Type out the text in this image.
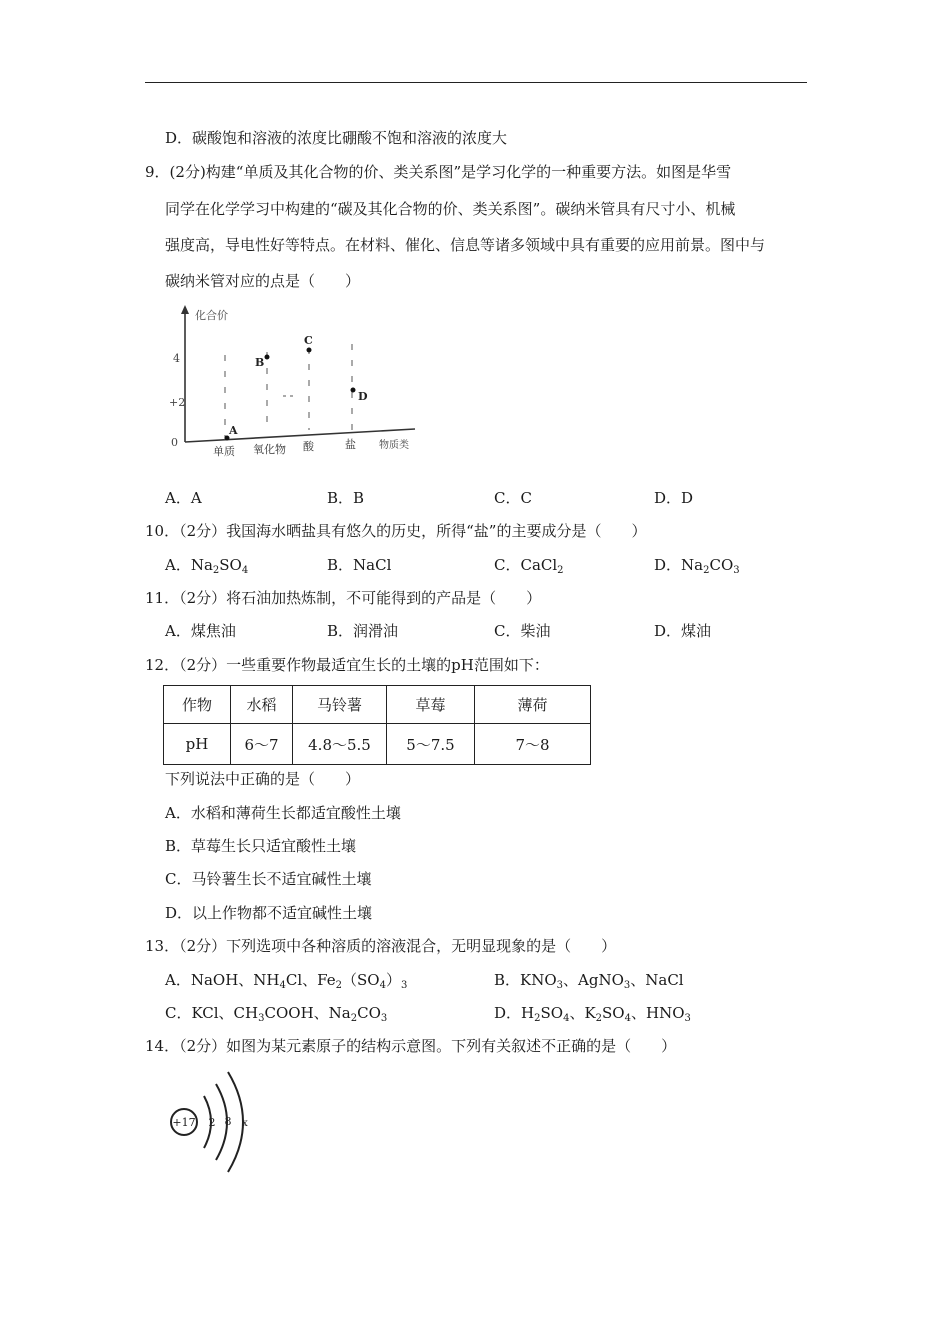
D．碳酸饱和溶液的浓度比硼酸不饱和溶液的浓度大
9．(2分)构建“单质及其化合物的价、类关系图”是学习化学的一种重要方法。如图是华雪
同学在化学学习中构建的“碳及其化合物的价、类关系图”。碳纳米管具有尺寸小、机械
强度高，导电性好等特点。在材料、催化、信息等诸多领域中具有重要的应用前景。图中与
碳纳米管对应的点是（　　）
化合价
4
+2
0
A
B
C
D
单质 氧化物 酸	盐 物质类
A．A	B．B	C．C	D．D
10．（2分）我国海水晒盐具有悠久的历史，所得“盐”的主要成分是（　　）
A．$Na_2SO_4$	B．NaCl	C．CaCl$_2$	D．$Na_2CO_3$
11．（2分）将石油加热炼制，不可能得到的产品是（　　）
A．煤焦油	B．润滑油	C．柴油	D．煤油
12．（2分）一些重要作物最适宜生长的土壤的pH范围如下：
作物	水稻	马铃薯	草莓	薄荷
pH	6～7	4.8～5.5	5～7.5	7～8
下列说法中正确的是（　　）
A．水稻和薄荷生长都适宜酸性土壤
B．草莓生长只适宜酸性土壤
C．马铃薯生长不适宜碱性土壤
D．以上作物都不适宜碱性土壤
13．（2分）下列选项中各种溶质的溶液混合，无明显现象的是（　　）
A．NaOH、$NH_4Cl$、$Fe_2(SO_4)_3$	B．$KNO_3$、AgNO$_3$、NaCl
C．KCl、$CH_3COOH$、$Na_2CO_3$	D．$H_2SO_4$、$K_2SO_4$、$HNO_3$
14．（2分）如图为某元素原子的结构示意图。下列有关叙述不正确的是（　　）
+17 2 8 x
